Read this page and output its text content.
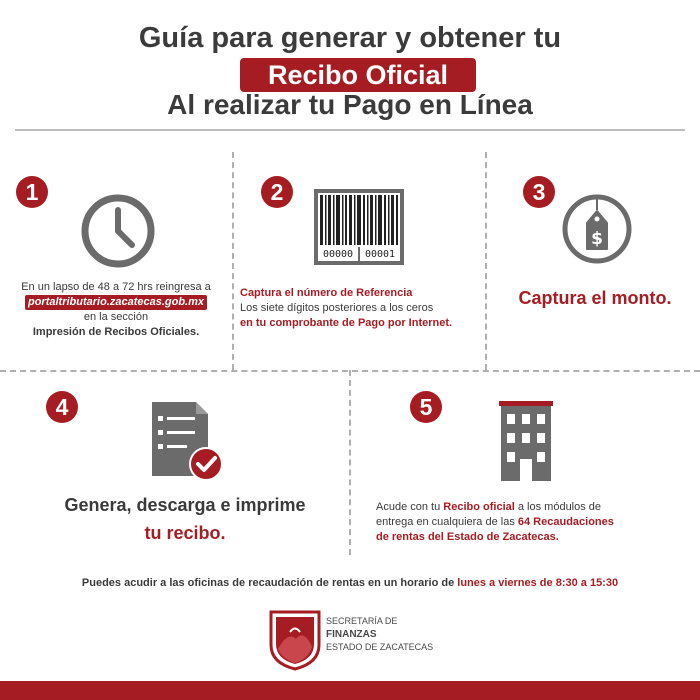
Guía para generar y obtener tu
Recibo Oficial
Al realizar tu Pago en Línea
1
En un lapso de 48 a 72 hrs reingresa a
portaltributario.zacatecas.gob.mx
en la sección
Impresión de Recibos Oficiales.
2
00000	00001
Captura el número de Referencia
Los siete dígitos posteriores a los ceros
en tu comprobante de Pago por Internet.
3
$
Captura el monto.
4
Genera, descarga e imprime
tu recibo.
5
Acude con tu Recibo oficial a los módulos de
entrega en cualquiera de las 64 Recaudaciones
de rentas del Estado de Zacatecas.
Puedes acudir a las oficinas de recaudación de rentas en un horario de lunes a viernes de 8:30 a 15:30
SECRETARÍA DE
FINANZAS
ESTADO DE ZACATECAS
